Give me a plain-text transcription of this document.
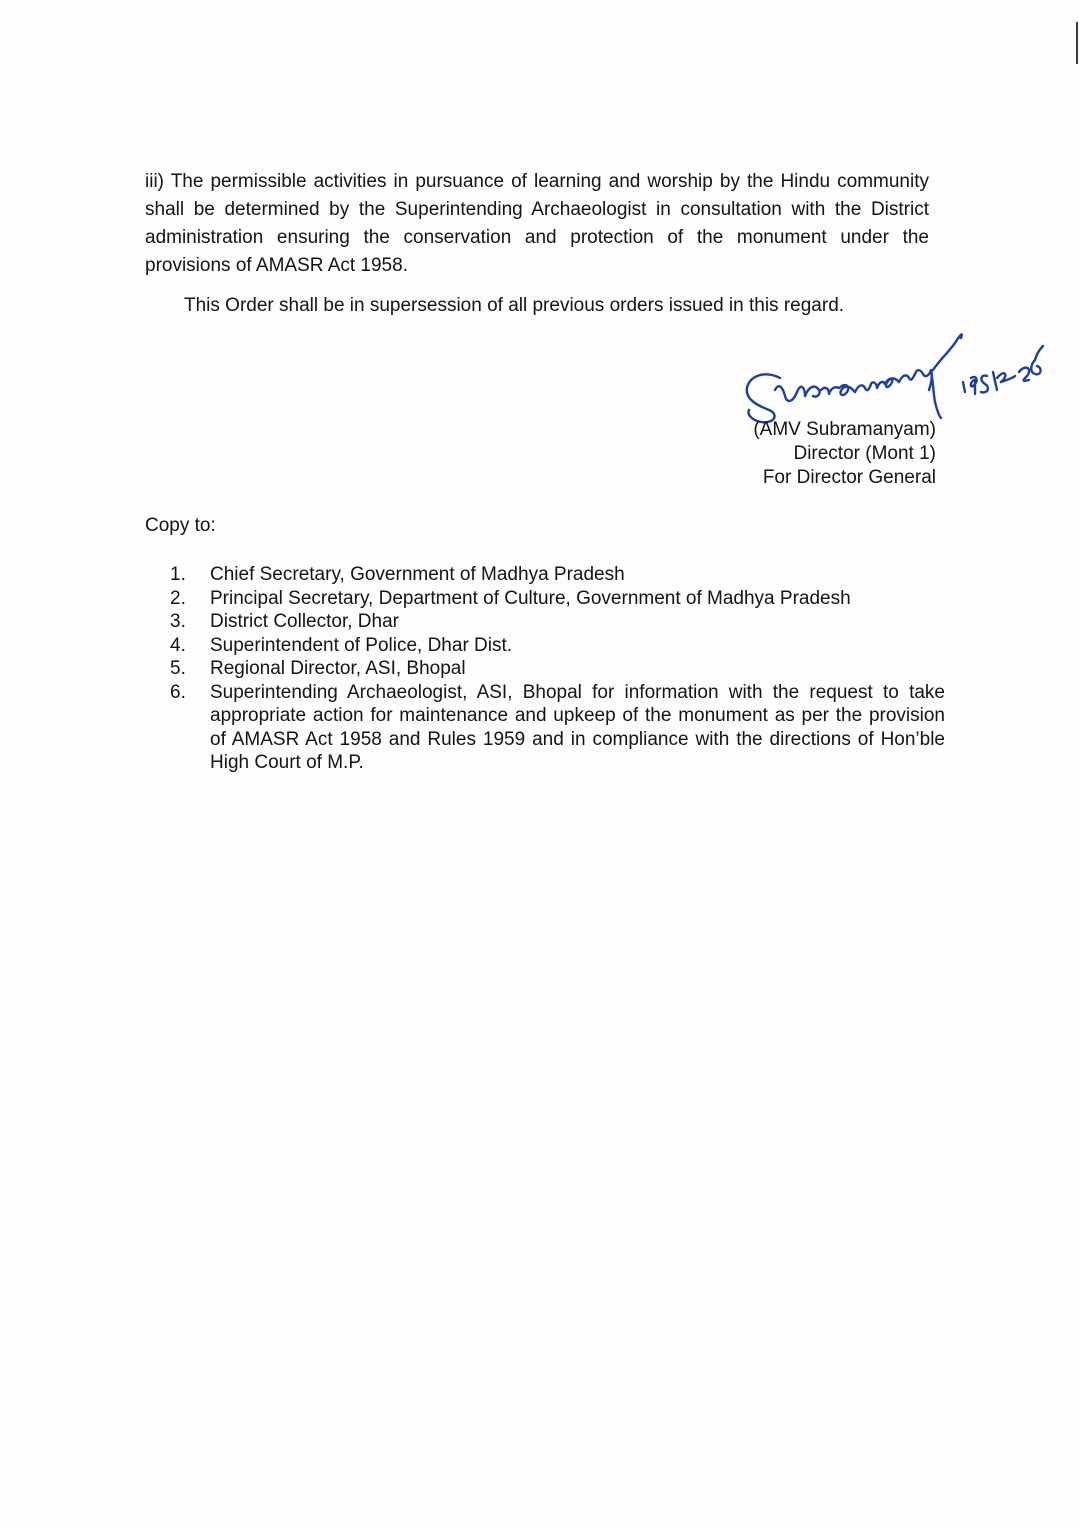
iii) The permissible activities in pursuance of learning and worship by the Hindu community shall be determined by the Superintending Archaeologist in consultation with the District administration ensuring the conservation and protection of the monument under the provisions of AMASR Act 1958.

This Order shall be in supersession of all previous orders issued in this regard.

(AMV Subramanyam)
Director (Mont 1)
For Director General
Copy to:
1.	Chief Secretary, Government of Madhya Pradesh
2.	Principal Secretary, Department of Culture, Government of Madhya Pradesh
3.	District Collector, Dhar
4.	Superintendent of Police, Dhar Dist.
5.	Regional Director, ASI, Bhopal
6.	Superintending Archaeologist, ASI, Bhopal for information with the request to take appropriate action for maintenance and upkeep of the monument as per the provision of AMASR Act 1958 and Rules 1959 and in compliance with the directions of Hon’ble High Court of M.P.
